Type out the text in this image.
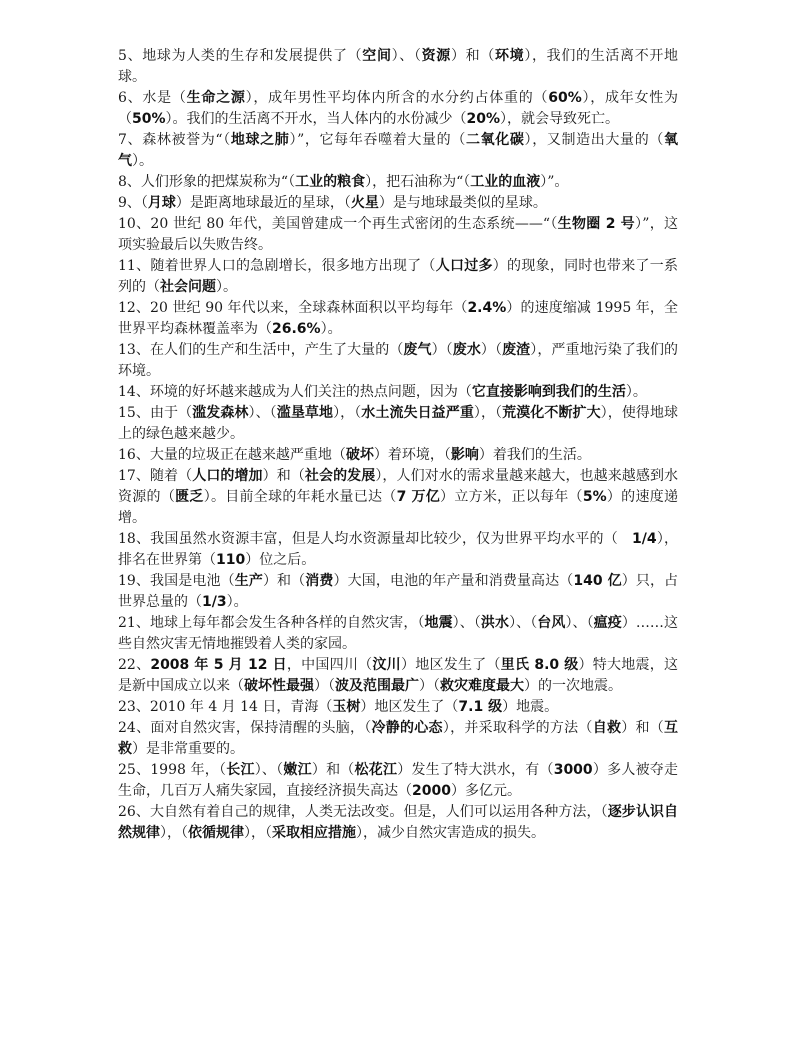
5、地球为人类的生存和发展提供了（空间）、（资源）和（环境），我们的生活离不开地球。

6、水是（生命之源），成年男性平均体内所含的水分约占体重的（60%），成年女性为（50%）。我们的生活离不开水，当人体内的水份减少（20%），就会导致死亡。

7、森林被誉为“（地球之肺）”，它每年吞噬着大量的（二氧化碳），又制造出大量的（氧气）。

8、人们形象的把煤炭称为“（工业的粮食），把石油称为“（工业的血液）”。

9、（月球）是距离地球最近的星球，（火星）是与地球最类似的星球。

10、20 世纪 80 年代，美国曾建成一个再生式密闭的生态系统——“（生物圈 2 号）”，这项实验最后以失败告终。

11、随着世界人口的急剧增长，很多地方出现了（人口过多）的现象，同时也带来了一系列的（社会问题）。

12、20 世纪 90 年代以来，全球森林面积以平均每年（2.4%）的速度缩减 1995 年，全世界平均森林覆盖率为（26.6%）。

13、在人们的生产和生活中，产生了大量的（废气）（废水）（废渣），严重地污染了我们的环境。

14、环境的好坏越来越成为人们关注的热点问题，因为（它直接影响到我们的生活）。

15、由于（滥发森林）、（滥垦草地），（水土流失日益严重），（荒漠化不断扩大），使得地球上的绿色越来越少。

16、大量的垃圾正在越来越严重地（破坏）着环境，（影响）着我们的生活。

17、随着（人口的增加）和（社会的发展），人们对水的需求量越来越大，也越来越感到水资源的（匮乏）。目前全球的年耗水量已达（7 万亿）立方米，正以每年（5%）的速度递增。

18、我国虽然水资源丰富，但是人均水资源量却比较少，仅为世界平均水平的（　1/4），排名在世界第（110）位之后。

19、我国是电池（生产）和（消费）大国，电池的年产量和消费量高达（140 亿）只，占世界总量的（1/3）。

21、地球上每年都会发生各种各样的自然灾害，（地震）、（洪水）、（台风）、（瘟疫）……这些自然灾害无情地摧毁着人类的家园。

22、2008 年 5 月 12 日，中国四川（汶川）地区发生了（里氏 8.0 级）特大地震，这是新中国成立以来（破坏性最强）（波及范围最广）（救灾难度最大）的一次地震。

23、2010 年 4 月 14 日，青海（玉树）地区发生了（7.1 级）地震。

24、面对自然灾害，保持清醒的头脑，（冷静的心态），并采取科学的方法（自救）和（互救）是非常重要的。

25、1998 年，（长江）、（嫩江）和（松花江）发生了特大洪水，有（3000）多人被夺走生命，几百万人痛失家园，直接经济损失高达（2000）多亿元。

26、大自然有着自己的规律，人类无法改变。但是，人们可以运用各种方法，（逐步认识自然规律），（依循规律），（采取相应措施），减少自然灾害造成的损失。
